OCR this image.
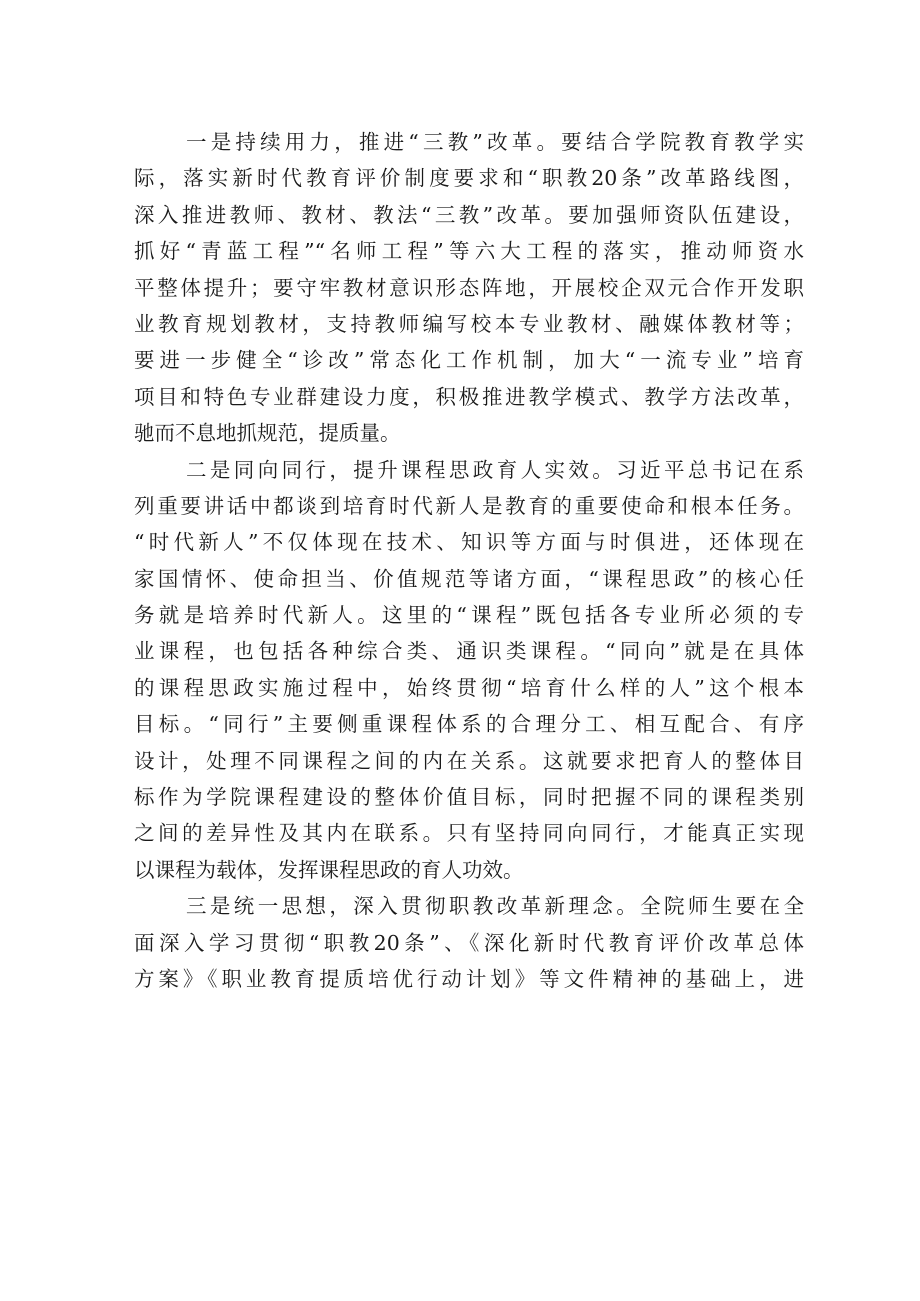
一是持续用力，推进“三教”改革。要结合学院教育教学实
际，落实新时代教育评价制度要求和“职教20条”改革路线图，
深入推进教师、教材、教法“三教”改革。要加强师资队伍建设，
抓好“青蓝工程”“名师工程”等六大工程的落实，推动师资水
平整体提升；要守牢教材意识形态阵地，开展校企双元合作开发职
业教育规划教材，支持教师编写校本专业教材、融媒体教材等；
要进一步健全“诊改”常态化工作机制，加大“一流专业”培育
项目和特色专业群建设力度，积极推进教学模式、教学方法改革，
驰而不息地抓规范，提质量。
二是同向同行，提升课程思政育人实效。习近平总书记在系
列重要讲话中都谈到培育时代新人是教育的重要使命和根本任务。
“时代新人”不仅体现在技术、知识等方面与时俱进，还体现在
家国情怀、使命担当、价值规范等诸方面，“课程思政”的核心任
务就是培养时代新人。这里的“课程”既包括各专业所必须的专
业课程，也包括各种综合类、通识类课程。“同向”就是在具体
的课程思政实施过程中，始终贯彻“培育什么样的人”这个根本
目标。“同行”主要侧重课程体系的合理分工、相互配合、有序
设计，处理不同课程之间的内在关系。这就要求把育人的整体目
标作为学院课程建设的整体价值目标，同时把握不同的课程类别
之间的差异性及其内在联系。只有坚持同向同行，才能真正实现
以课程为载体，发挥课程思政的育人功效。
三是统一思想，深入贯彻职教改革新理念。全院师生要在全
面深入学习贯彻“职教20条”、《深化新时代教育评价改革总体
方案》《职业教育提质培优行动计划》等文件精神的基础上，进
